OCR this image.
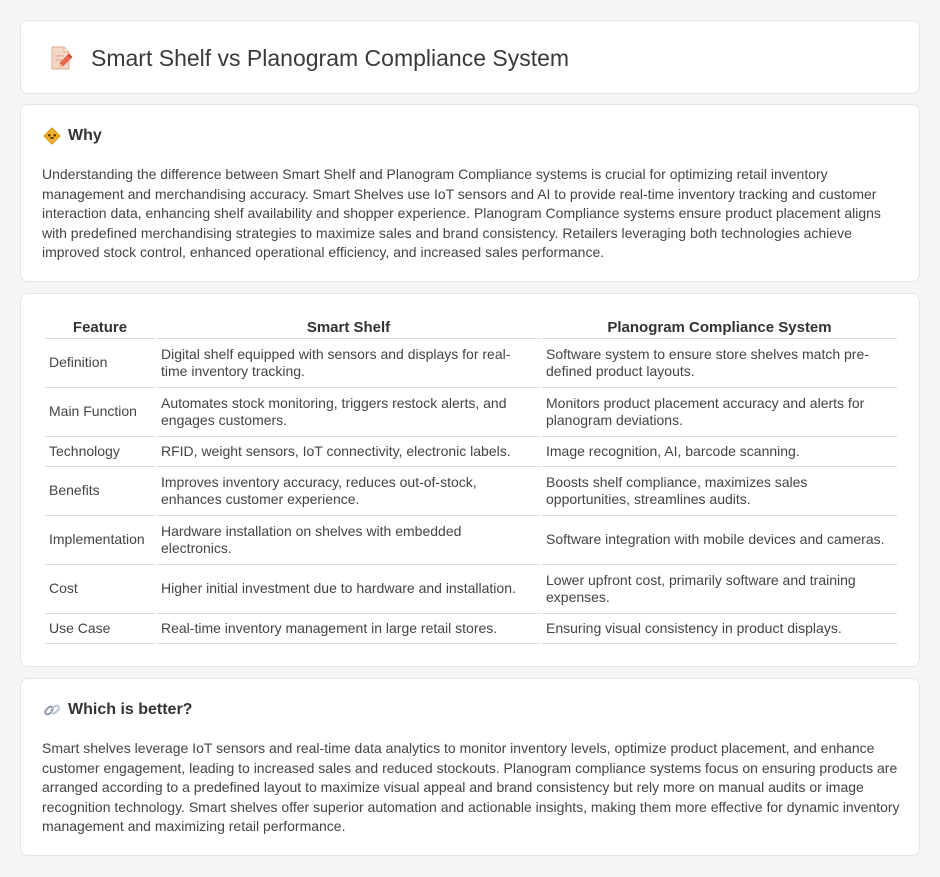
Smart Shelf vs Planogram Compliance System
Why

Understanding the difference between Smart Shelf and Planogram Compliance systems is crucial for optimizing retail inventory management and merchandising accuracy. Smart Shelves use IoT sensors and AI to provide real-time inventory tracking and customer interaction data, enhancing shelf availability and shopper experience. Planogram Compliance systems ensure product placement aligns with predefined merchandising strategies to maximize sales and brand consistency. Retailers leveraging both technologies achieve improved stock control, enhanced operational efficiency, and increased sales performance.

Feature	Smart Shelf	Planogram Compliance System
Definition	Digital shelf equipped with sensors and displays for real-time inventory tracking.	Software system to ensure store shelves match pre-defined product layouts.
Main Function	Automates stock monitoring, triggers restock alerts, and engages customers.	Monitors product placement accuracy and alerts for planogram deviations.
Technology	RFID, weight sensors, IoT connectivity, electronic labels.	Image recognition, AI, barcode scanning.
Benefits	Improves inventory accuracy, reduces out-of-stock, enhances customer experience.	Boosts shelf compliance, maximizes sales opportunities, streamlines audits.
Implementation	Hardware installation on shelves with embedded electronics.	Software integration with mobile devices and cameras.
Cost	Higher initial investment due to hardware and installation.	Lower upfront cost, primarily software and training expenses.
Use Case	Real-time inventory management in large retail stores.	Ensuring visual consistency in product displays.
Which is better?

Smart shelves leverage IoT sensors and real-time data analytics to monitor inventory levels, optimize product placement, and enhance customer engagement, leading to increased sales and reduced stockouts. Planogram compliance systems focus on ensuring products are arranged according to a predefined layout to maximize visual appeal and brand consistency but rely more on manual audits or image recognition technology. Smart shelves offer superior automation and actionable insights, making them more effective for dynamic inventory management and maximizing retail performance.
